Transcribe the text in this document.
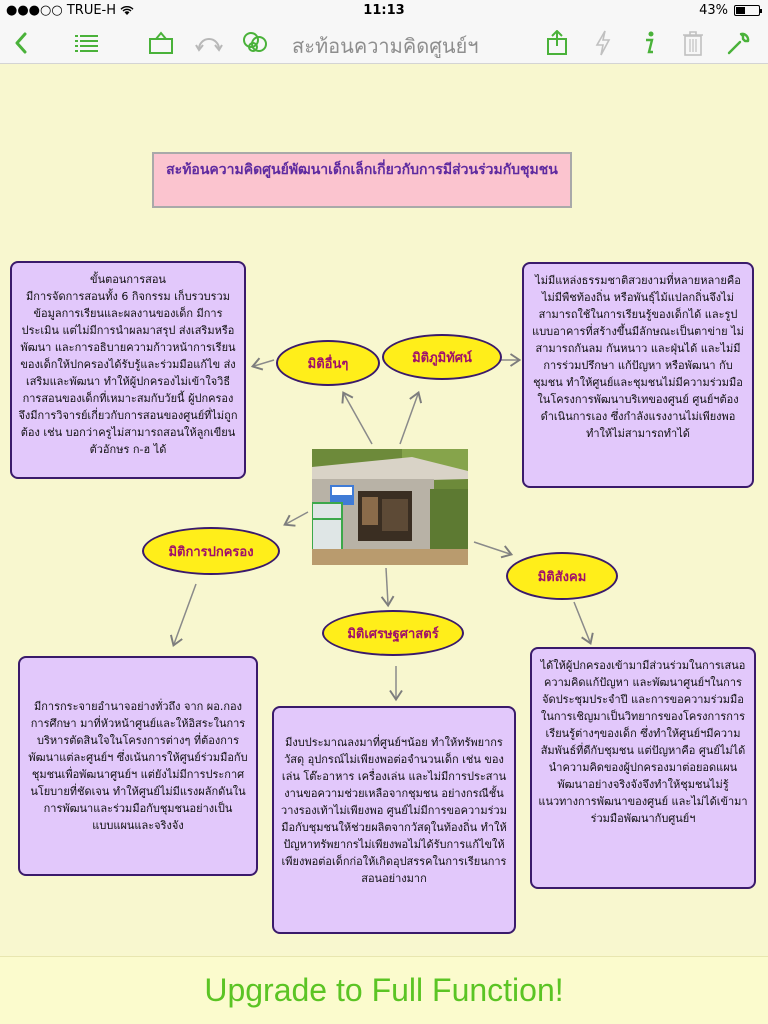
●●●○○ TRUE-H	11:13	43%
สะท้อนความคิดศูนย์ฯ
สะท้อนความคิดศูนย์พัฒนาเด็กเล็กเกี่ยวกับการมีส่วนร่วมกับชุมชน
ขั้นตอนการสอน
มีการจัดการสอนทั้ง 6 กิจกรรม เก็บรวบรวมข้อมูลการเรียนและผลงานของเด็ก มีการประเมิน แต่ไม่มีการนำผลมาสรุป ส่งเสริมหรือพัฒนา และการอธิบายความก้าวหน้าการเรียนของเด็กให้ปกครองได้รับรู้และร่วมมือแก้ไข ส่งเสริมและพัฒนา ทำให้ผู้ปกครองไม่เข้าใจวิธีการสอนของเด็กที่เหมาะสมกับวัยนี้ ผู้ปกครองจึงมีการวิจารย์เกี่ยวกับการสอนของศูนย์ที่ไม่ถูกต้อง เช่น บอกว่าครูไม่สามารถสอนให้ลูกเขียนตัวอักษร ก-ฮ ได้
ไม่มีแหล่งธรรมชาติสวยงามที่หลายหลายคือ ไม่มีพืชท้องถิ่น หรือพันธุ์ไม้แปลกถิ่นจึงไม่สามารถใช้ในการเรียนรู้ของเด็กได้ และรูปแบบอาคารที่สร้างขึ้นมีลักษณะเป็นตาข่าย ไม่สามารถกันลม กันหนาว และฝุ่นได้ และไม่มีการร่วมปรึกษา แก้ปัญหา หรือพัฒนา กับชุมชน ทำให้ศูนย์และชุมชนไม่มีความร่วมมือในโครงการพัฒนาบริเทของศูนย์ ศูนย์ฯต้องดำเนินการเอง ซึ่งกำลังแรงงานไม่เพียงพอ ทำให้ไม่สามารถทำได้
มิติอื่นๆ	มิติภูมิทัศน์
มิติการปกครอง
มิติสังคม
มิติเศรษฐศาสตร์
มีการกระจายอำนาจอย่างทั่วถึง จาก ผอ.กองการศึกษา มาที่หัวหน้าศูนย์และให้อิสระในการบริหารตัดสินใจในโครงการต่างๆ ที่ต้องการพัฒนาแต่ละศูนย์ฯ ซึ่งเน้นการให้ศูนย์ร่วมมือกับชุมชนเพื่อพัฒนาศูนย์ฯ แต่ยังไม่มีการประกาศนโยบายที่ชัดเจน ทำให้ศูนย์ไม่มีแรงผลักดันในการพัฒนาและร่วมมือกับชุมชนอย่างเป็นแบบแผนและจริงจัง
มีงบประมาณลงมาที่ศูนย์ฯน้อย ทำให้ทรัพยากร วัสดุ อุปกรณ์ไม่เพียงพอต่อจำนวนเด็ก เช่น ของเล่น โต๊ะอาหาร เครื่องเล่น และไม่มีการประสานงานขอความช่วยเหลือจากชุมชน อย่างกรณีชั้นวางรองเท้าไม่เพียงพอ ศูนย์ไม่มีการขอความร่วมมือกับชุมชนให้ช่วยผลิตจากวัสดุในท้องถิ่น ทำให้ปัญหาทรัพยากรไม่เพียงพอไม่ได้รับการแก้ไขให้เพียงพอต่อเด็กก่อให้เกิดอุปสรรคในการเรียนการสอนอย่างมาก
ได้ให้ผู้ปกครองเข้ามามีส่วนร่วมในการเสนอความคิดแก้ปัญหา และพัฒนาศูนย์ฯในการจัดประชุมประจำปี และการขอความร่วมมือในการเชิญมาเป็นวิทยากรของโครงการการเรียนรู้ต่างๆของเด็ก ซึ่งทำให้ศูนย์ฯมีความสัมพันธ์ที่ดีกับชุมชน แต่ปัญหาคือ ศูนย์ไม่ได้นำความคิดของผู้ปกครองมาต่อยอดแผนพัฒนาอย่างจริงจังจึงทำให้ชุมชนไม่รู้แนวทางการพัฒนาของศูนย์ และไม่ได้เข้ามาร่วมมือพัฒนากับศูนย์ฯ
Upgrade to Full Function!
